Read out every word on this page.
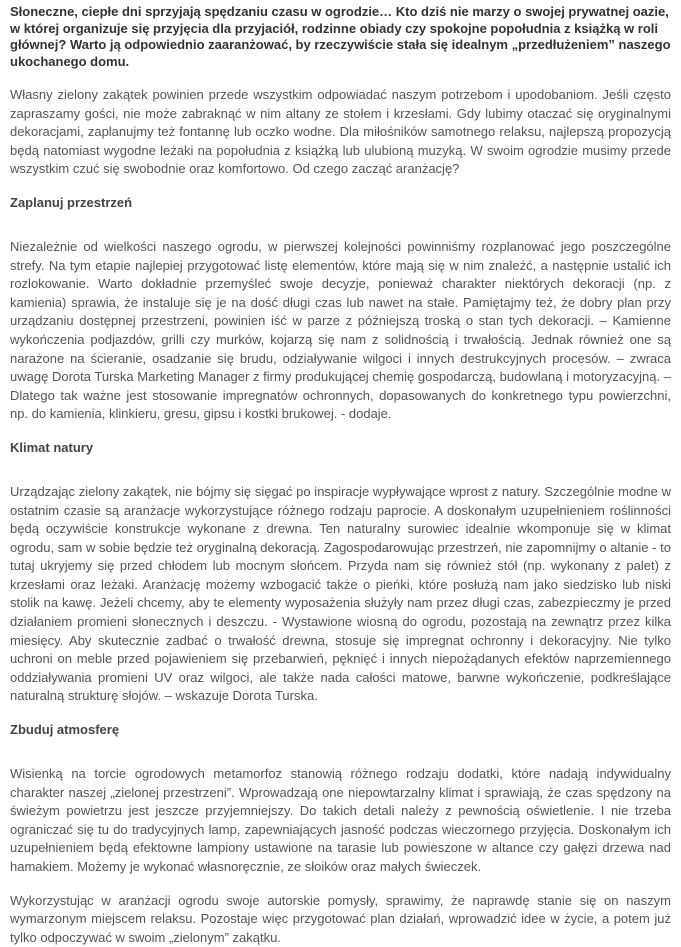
Słoneczne, ciepłe dni sprzyjają spędzaniu czasu w ogrodzie… Kto dziś nie marzy o swojej prywatnej oazie, w której organizuje się przyjęcia dla przyjaciół, rodzinne obiady czy spokojne popołudnia z książką w roli głównej? Warto ją odpowiednio zaaranżować, by rzeczywiście stała się idealnym „przedłużeniem” naszego ukochanego domu.

Własny zielony zakątek powinien przede wszystkim odpowiadać naszym potrzebom i upodobaniom. Jeśli często zapraszamy gości, nie może zabraknąć w nim altany ze stołem i krzesłami. Gdy lubimy otaczać się oryginalnymi dekoracjami, zaplanujmy też fontannę lub oczko wodne. Dla miłośników samotnego relaksu, najlepszą propozycją będą natomiast wygodne leżaki na popołudnia z książką lub ulubioną muzyką. W swoim ogrodzie musimy przede wszystkim czuć się swobodnie oraz komfortowo. Od czego zacząć aranżację?

Zaplanuj przestrzeń

Niezależnie od wielkości naszego ogrodu, w pierwszej kolejności powinniśmy rozplanować jego poszczególne strefy. Na tym etapie najlepiej przygotować listę elementów, które mają się w nim znaleźć, a następnie ustalić ich rozlokowanie. Warto dokładnie przemyśleć swoje decyzje, ponieważ charakter niektórych dekoracji (np. z kamienia) sprawia, że instaluje się je na dość długi czas lub nawet na stałe. Pamiętajmy też, że dobry plan przy urządzaniu dostępnej przestrzeni, powinien iść w parze z późniejszą troską o stan tych dekoracji. – Kamienne wykończenia podjazdów, grilli czy murków, kojarzą się nam z solidnością i trwałością. Jednak również one są narażone na ścieranie, osadzanie się brudu, odziaływanie wilgoci i innych destrukcyjnych procesów. – zwraca uwagę Dorota Turska Marketing Manager z firmy produkującej chemię gospodarczą, budowlaną i motoryzacyjną. – Dlatego tak ważne jest stosowanie impregnatów ochronnych, dopasowanych do konkretnego typu powierzchni, np. do kamienia, klinkieru, gresu, gipsu i kostki brukowej. - dodaje.

Klimat natury

Urządzając zielony zakątek, nie bójmy się sięgać po inspiracje wypływające wprost z natury. Szczególnie modne w ostatnim czasie są aranżacje wykorzystujące różnego rodzaju paprocie. A doskonałym uzupełnieniem roślinności będą oczywiście konstrukcje wykonane z drewna. Ten naturalny surowiec idealnie wkomponuje się w klimat ogrodu, sam w sobie będzie też oryginalną dekoracją. Zagospodarowując przestrzeń, nie zapomnijmy o altanie - to tutaj ukryjemy się przed chłodem lub mocnym słońcem. Przyda nam się również stół (np. wykonany z palet) z krzesłami oraz leżaki. Aranżację możemy wzbogacić także o pieńki, które posłużą nam jako siedzisko lub niski stolik na kawę. Jeżeli chcemy, aby te elementy wyposażenia służyły nam przez długi czas, zabezpieczmy je przed działaniem promieni słonecznych i deszczu. - Wystawione wiosną do ogrodu, pozostają na zewnątrz przez kilka miesięcy. Aby skutecznie zadbać o trwałość drewna, stosuje się impregnat ochronny i dekoracyjny. Nie tylko uchroni on meble przed pojawieniem się przebarwień, pęknięć i innych niepożądanych efektów naprzemiennego oddziaływania promieni UV oraz wilgoci, ale także nada całości matowe, barwne wykończenie, podkreślające naturalną strukturę słojów. – wskazuje Dorota Turska.

Zbuduj atmosferę

Wisienką na torcie ogrodowych metamorfoz stanowią różnego rodzaju dodatki, które nadają indywidualny charakter naszej „zielonej przestrzeni”. Wprowadzają one niepowtarzalny klimat i sprawiają, że czas spędzony na świeżym powietrzu jest jeszcze przyjemniejszy. Do takich detali należy z pewnością oświetlenie. I nie trzeba ograniczać się tu do tradycyjnych lamp, zapewniających jasność podczas wieczornego przyjęcia. Doskonałym ich uzupełnieniem będą efektowne lampiony ustawione na tarasie lub powieszone w altance czy gałęzi drzewa nad hamakiem. Możemy je wykonać własnoręcznie, ze słoików oraz małych świeczek.

Wykorzystując w aranżacji ogrodu swoje autorskie pomysły, sprawimy, że naprawdę stanie się on naszym wymarzonym miejscem relaksu. Pozostaje więc przygotować plan działań, wprowadzić idee w życie, a potem już tylko odpoczywać w swoim „zielonym” zakątku.
